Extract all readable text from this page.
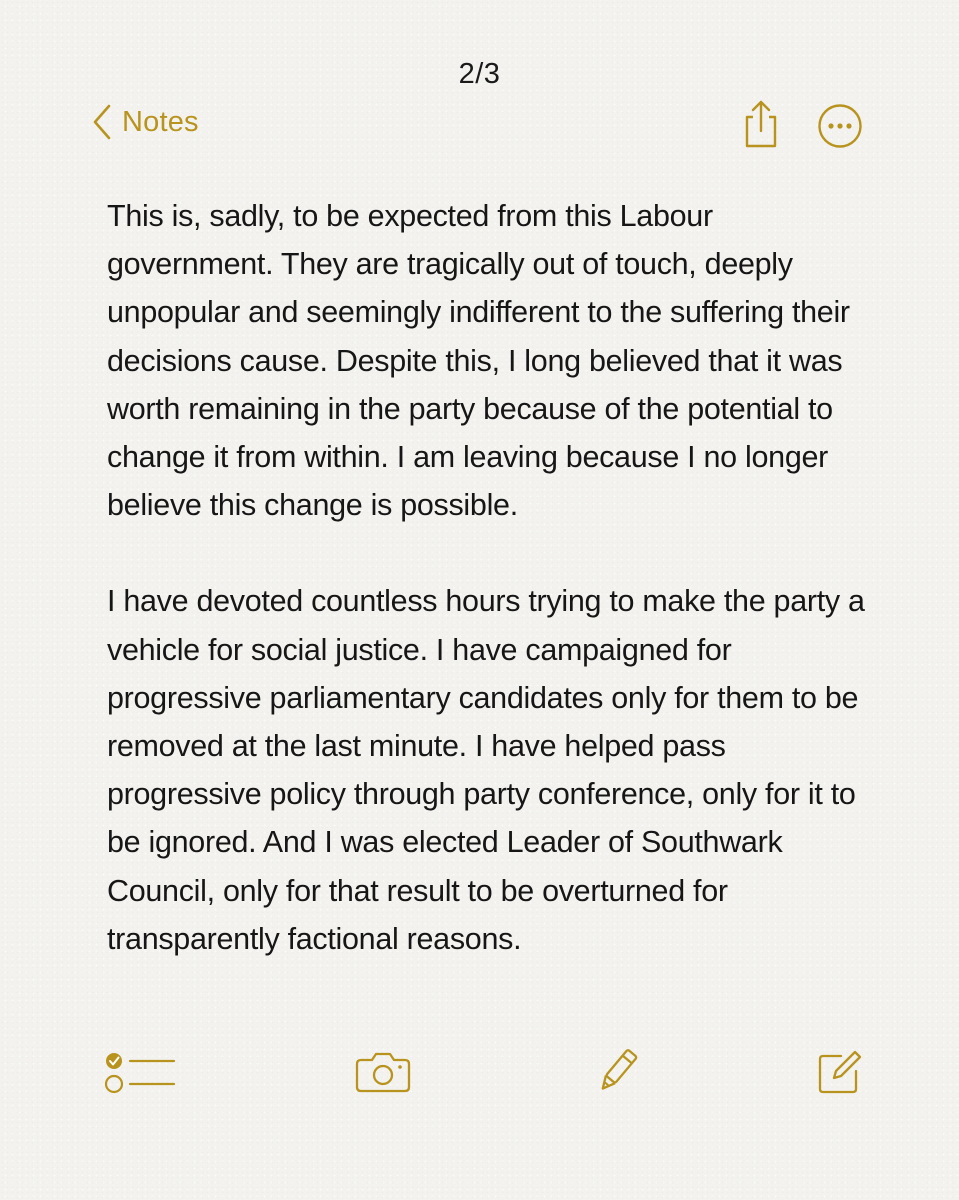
2/3
Notes

This is, sadly, to be expected from this Labour government. They are tragically out of touch, deeply unpopular and seemingly indifferent to the suffering their decisions cause. Despite this, I long believed that it was worth remaining in the party because of the potential to change it from within. I am leaving because I no longer believe this change is possible.

I have devoted countless hours trying to make the party a vehicle for social justice. I have campaigned for progressive parliamentary candidates only for them to be removed at the last minute. I have helped pass progressive policy through party conference, only for it to be ignored. And I was elected Leader of Southwark Council, only for that result to be overturned for transparently factional reasons.
